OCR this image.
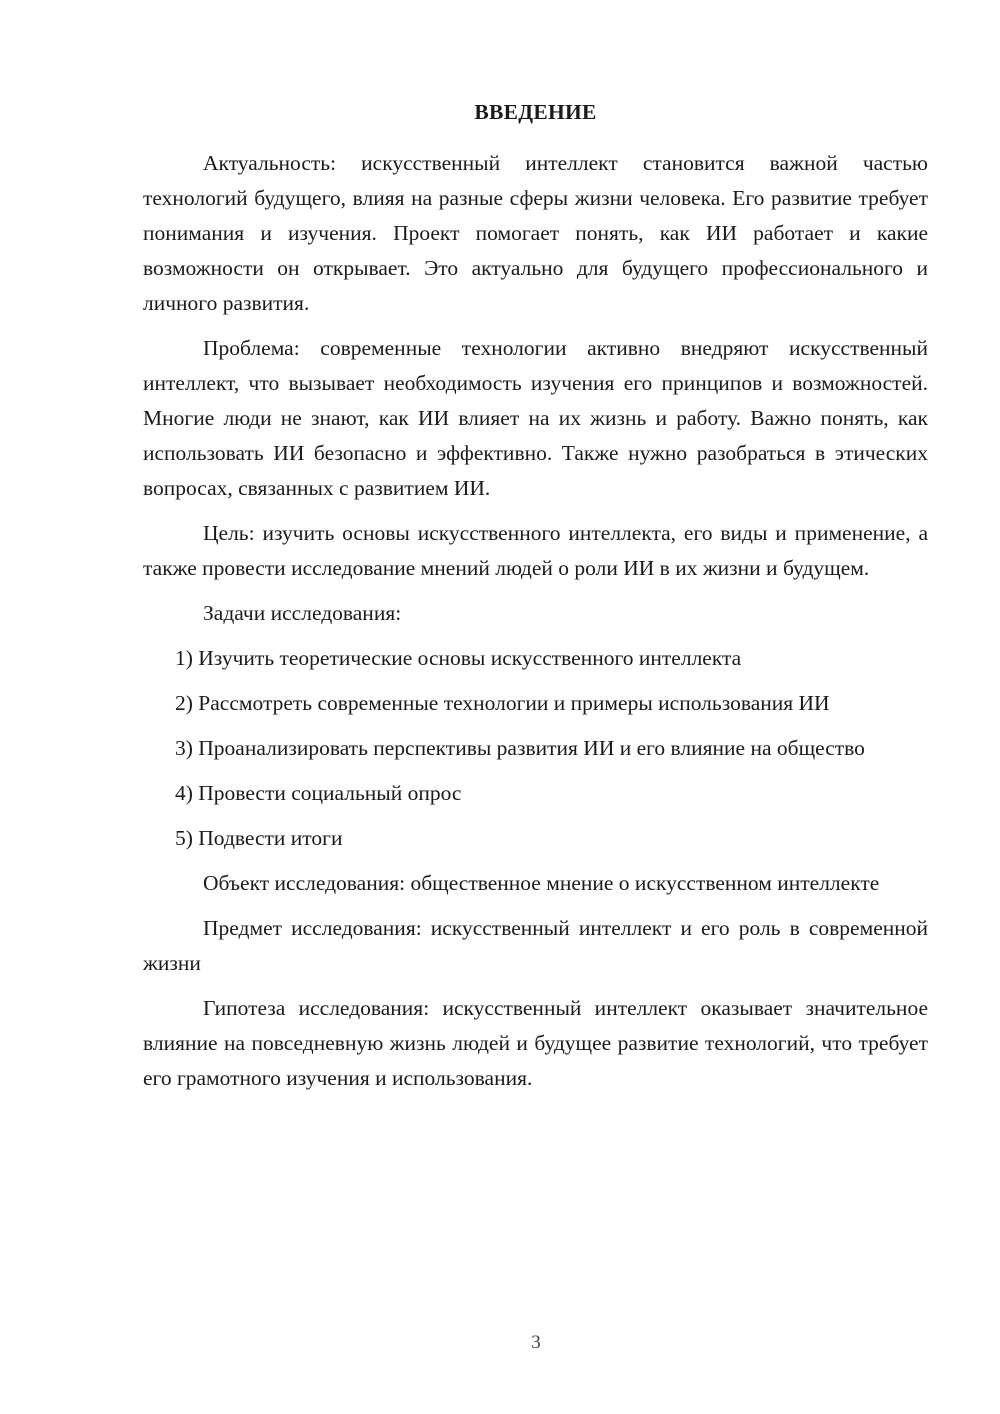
ВВЕДЕНИЕ

Актуальность: искусственный интеллект становится важной частью технологий будущего, влияя на разные сферы жизни человека. Его развитие требует понимания и изучения. Проект помогает понять, как ИИ работает и какие возможности он открывает. Это актуально для будущего профессионального и личного развития.

Проблема: современные технологии активно внедряют искусственный интеллект, что вызывает необходимость изучения его принципов и возможностей. Многие люди не знают, как ИИ влияет на их жизнь и работу. Важно понять, как использовать ИИ безопасно и эффективно. Также нужно разобраться в этических вопросах, связанных с развитием ИИ.

Цель: изучить основы искусственного интеллекта, его виды и применение, а также провести исследование мнений людей о роли ИИ в их жизни и будущем.

Задачи исследования:

1) Изучить теоретические основы искусственного интеллекта

2) Рассмотреть современные технологии и примеры использования ИИ

3) Проанализировать перспективы развития ИИ и его влияние на общество

4) Провести социальный опрос

5) Подвести итоги

Объект исследования: общественное мнение о искусственном интеллекте

Предмет исследования: искусственный интеллект и его роль в современной жизни

Гипотеза исследования: искусственный интеллект оказывает значительное влияние на повседневную жизнь людей и будущее развитие технологий, что требует его грамотного изучения и использования.

3
